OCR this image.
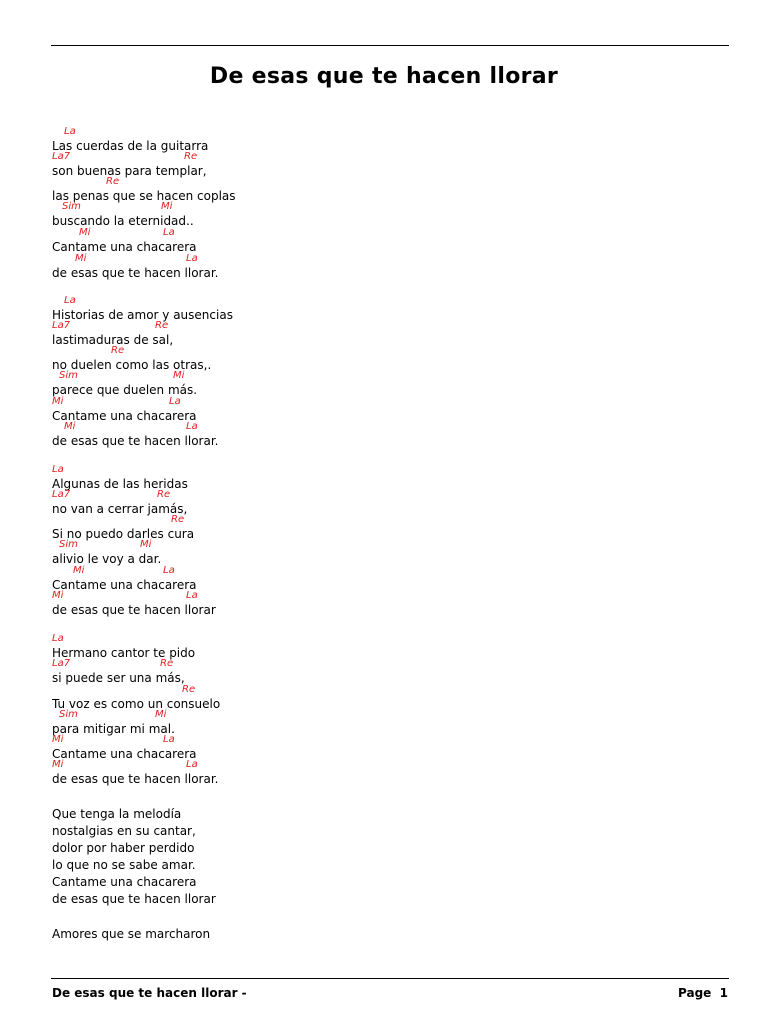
De esas que te hacen llorar
La
Las cuerdas de la guitarra
La7	Re
son buenas para templar,
Re
las penas que se hacen coplas
Sim	Mi
buscando la eternidad..
Mi	La
Cantame una chacarera
Mi	La
de esas que te hacen llorar.
La
Historias de amor y ausencias
La7	Re
lastimaduras de sal,
Re
no duelen como las otras,.
Sim	Mi
parece que duelen más.
Mi	La
Cantame una chacarera
Mi	La
de esas que te hacen llorar.
La
Algunas de las heridas
La7	Re
no van a cerrar jamás,
Re
Si no puedo darles cura
Sim	Mi
alivio le voy a dar.
Mi	La
Cantame una chacarera
Mi	La
de esas que te hacen llorar
La
Hermano cantor te pido
La7	Re
si puede ser una más,
Re
Tu voz es como un consuelo
Sim	Mi
para mitigar mi mal.
Mi	La
Cantame una chacarera
Mi	La
de esas que te hacen llorar.
Que tenga la melodía
nostalgias en su cantar,
dolor por haber perdido
lo que no se sabe amar.
Cantame una chacarera
de esas que te hacen llorar
Amores que se marcharon
De esas que te hacen llorar -	Page 1
